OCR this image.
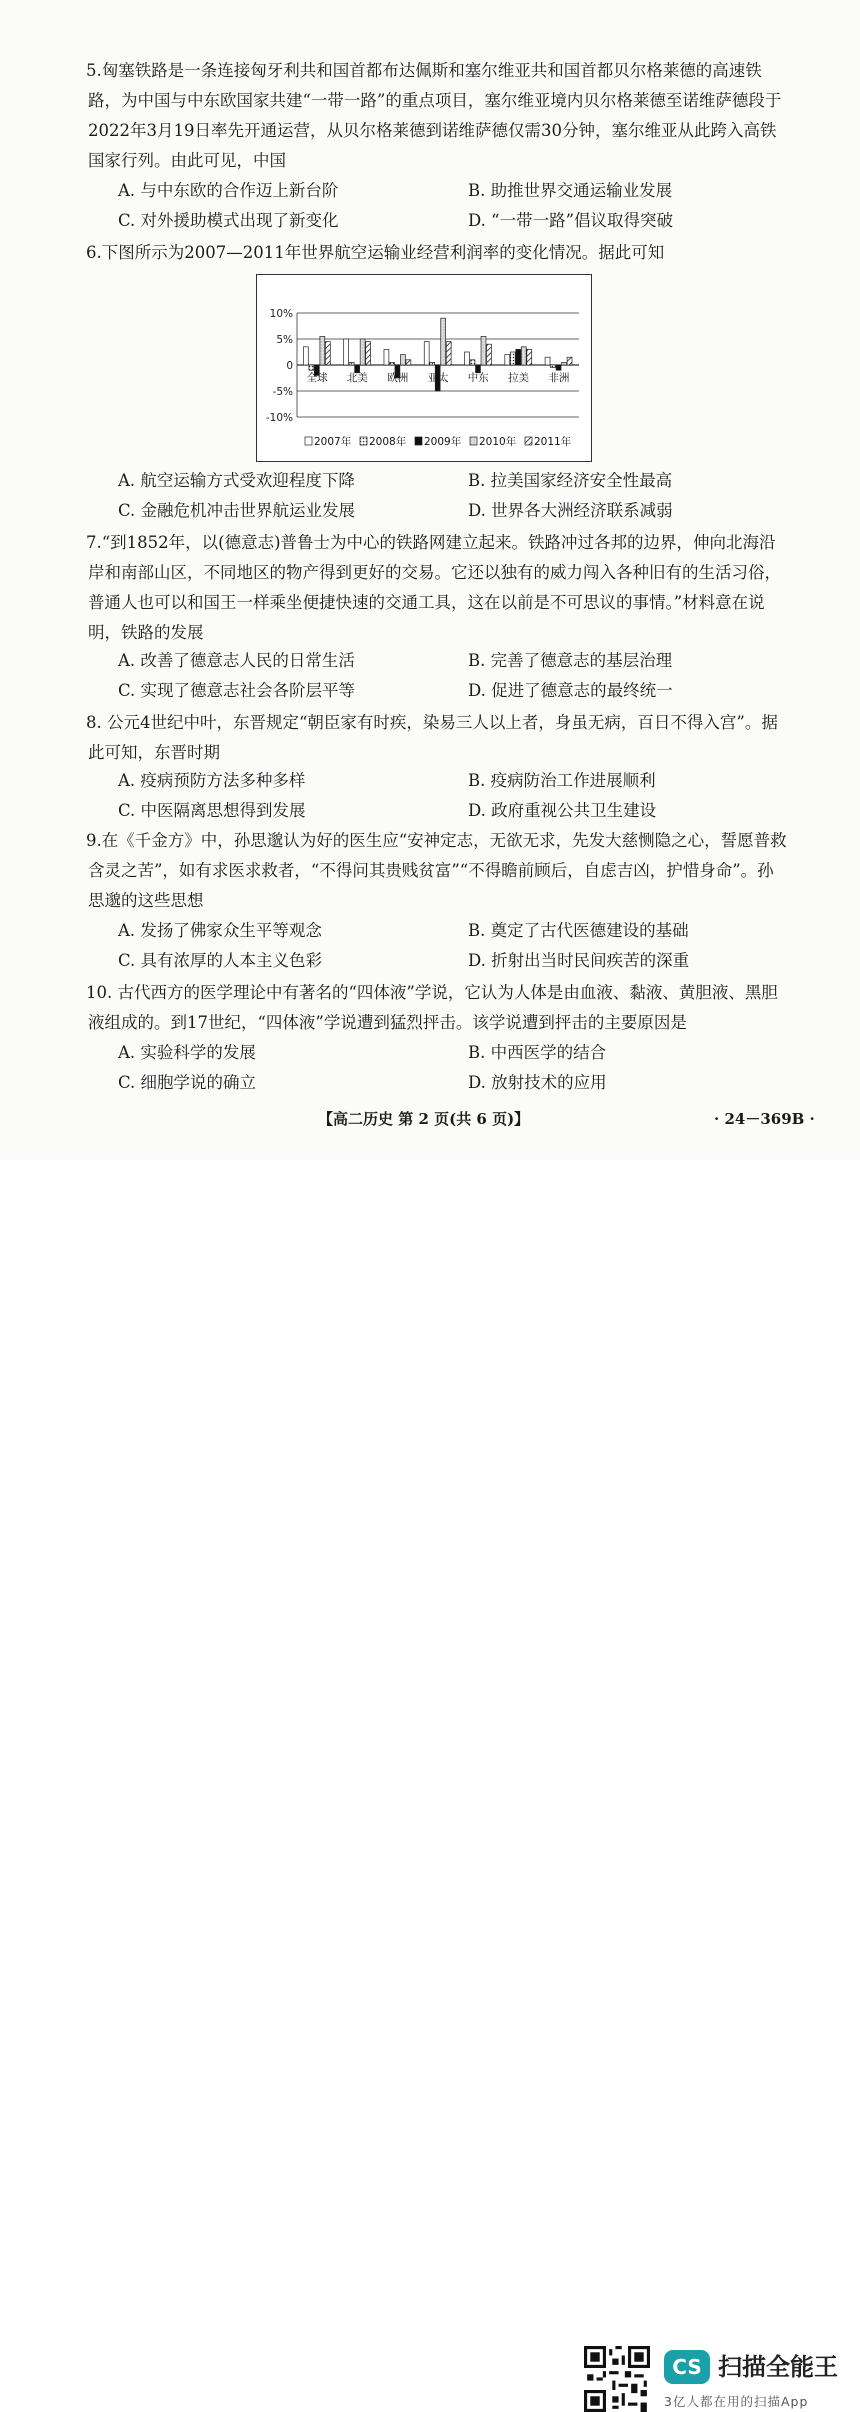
5.匈塞铁路是一条连接匈牙利共和国首都布达佩斯和塞尔维亚共和国首都贝尔格莱德的高速铁路，为中国与中东欧国家共建“一带一路”的重点项目，塞尔维亚境内贝尔格莱德至诺维萨德段于2022年3月19日率先开通运营，从贝尔格莱德到诺维萨德仅需30分钟，塞尔维亚从此跨入高铁国家行列。由此可见，中国

A. 与中东欧的合作迈上新台阶	B. 助推世界交通运输业发展
C. 对外援助模式出现了新变化	D. “一带一路”倡议取得突破

6.下图所示为2007—2011年世界航空运输业经营利润率的变化情况。据此可知

10%
5%
0
-5%
-10%
全球 北美 欧洲 亚太 中东 拉美 非洲
2007年 2008年 2009年 2010年 2011年
A. 航空运输方式受欢迎程度下降	B. 拉美国家经济安全性最高
C. 金融危机冲击世界航运业发展	D. 世界各大洲经济联系减弱

7.“到1852年，以(德意志)普鲁士为中心的铁路网建立起来。铁路冲过各邦的边界，伸向北海沿岸和南部山区，不同地区的物产得到更好的交易。它还以独有的威力闯入各种旧有的生活习俗，普通人也可以和国王一样乘坐便捷快速的交通工具，这在以前是不可思议的事情。”材料意在说明，铁路的发展

A. 改善了德意志人民的日常生活	B. 完善了德意志的基层治理
C. 实现了德意志社会各阶层平等	D. 促进了德意志的最终统一

8. 公元4世纪中叶，东晋规定“朝臣家有时疾，染易三人以上者，身虽无病，百日不得入宫”。据此可知，东晋时期

A. 疫病预防方法多种多样	B. 疫病防治工作进展顺利
C. 中医隔离思想得到发展	D. 政府重视公共卫生建设

9.在《千金方》中，孙思邈认为好的医生应“安神定志，无欲无求，先发大慈恻隐之心，誓愿普救含灵之苦”，如有求医求救者，“不得问其贵贱贫富”“不得瞻前顾后，自虑吉凶，护惜身命”。孙思邈的这些思想

A. 发扬了佛家众生平等观念	B. 奠定了古代医德建设的基础
C. 具有浓厚的人本主义色彩	D. 折射出当时民间疾苦的深重

10. 古代西方的医学理论中有著名的“四体液”学说，它认为人体是由血液、黏液、黄胆液、黑胆液组成的。到17世纪，“四体液”学说遭到猛烈抨击。该学说遭到抨击的主要原因是

A. 实验科学的发展	B. 中西医学的结合
C. 细胞学说的确立	D. 放射技术的应用
【高二历史 第 2 页(共 6 页)】	· 24－369B ·
CS 扫描全能王
3亿人都在用的扫描App
